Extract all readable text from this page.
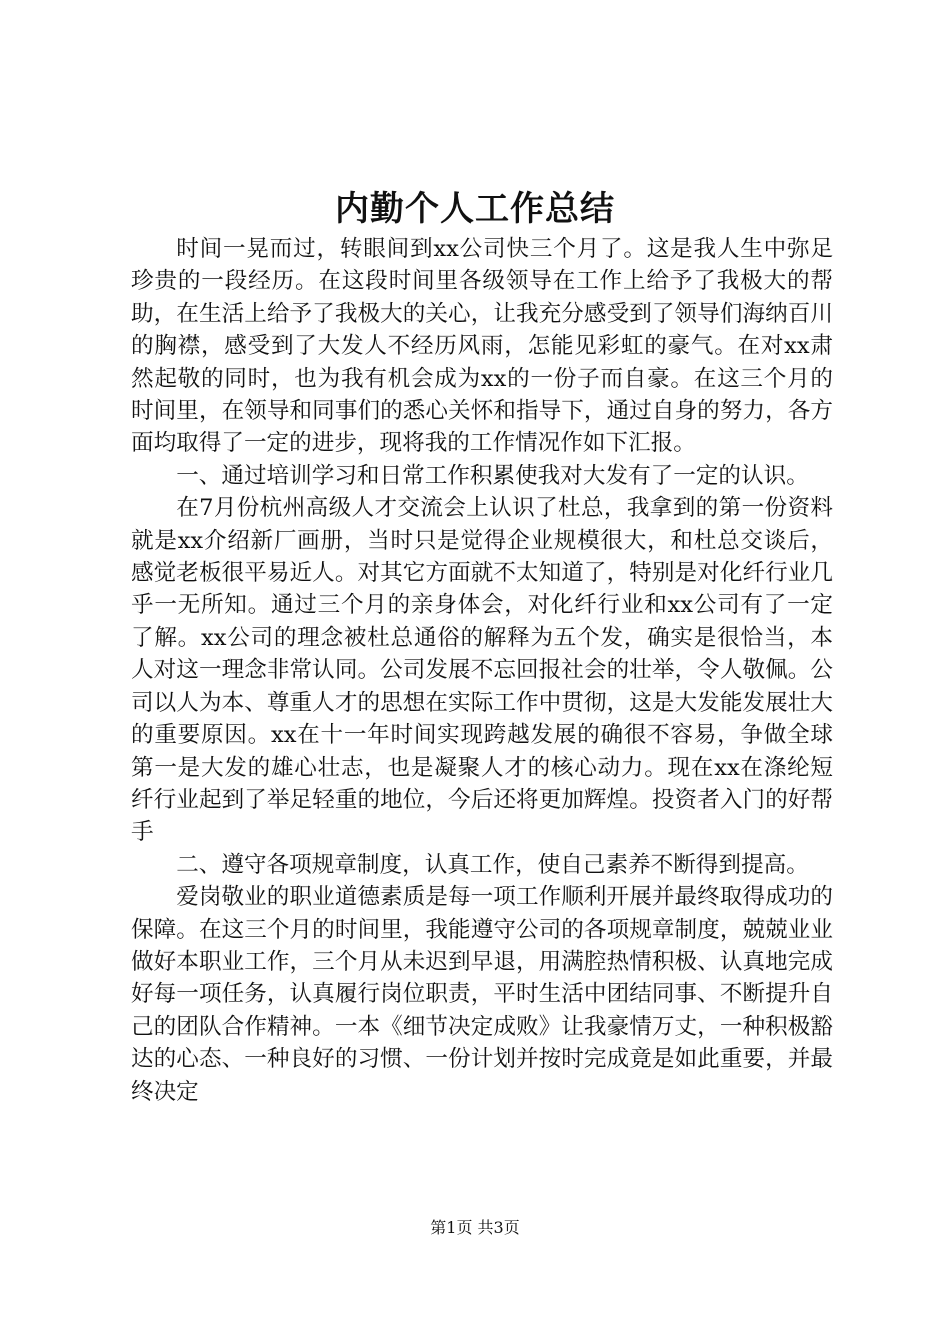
内勤个人工作总结

时间一晃而过，转眼间到xx公司快三个月了。这是我人生中弥足珍贵的一段经历。在这段时间里各级领导在工作上给予了我极大的帮助，在生活上给予了我极大的关心，让我充分感受到了领导们海纳百川的胸襟，感受到了大发人不经历风雨，怎能见彩虹的豪气。在对xx肃然起敬的同时，也为我有机会成为xx的一份子而自豪。在这三个月的时间里，在领导和同事们的悉心关怀和指导下，通过自身的努力，各方面均取得了一定的进步，现将我的工作情况作如下汇报。

一、通过培训学习和日常工作积累使我对大发有了一定的认识。

在7月份杭州高级人才交流会上认识了杜总，我拿到的第一份资料就是xx介绍新厂画册，当时只是觉得企业规模很大，和杜总交谈后，感觉老板很平易近人。对其它方面就不太知道了，特别是对化纤行业几乎一无所知。通过三个月的亲身体会，对化纤行业和xx公司有了一定了解。xx公司的理念被杜总通俗的解释为五个发，确实是很恰当，本人对这一理念非常认同。公司发展不忘回报社会的壮举，令人敬佩。公司以人为本、尊重人才的思想在实际工作中贯彻，这是大发能发展壮大的重要原因。xx在十一年时间实现跨越发展的确很不容易，争做全球第一是大发的雄心壮志，也是凝聚人才的核心动力。现在xx在涤纶短纤行业起到了举足轻重的地位，今后还将更加辉煌。投资者入门的好帮手

二、遵守各项规章制度，认真工作，使自己素养不断得到提高。

爱岗敬业的职业道德素质是每一项工作顺利开展并最终取得成功的保障。在这三个月的时间里，我能遵守公司的各项规章制度，兢兢业业做好本职业工作，三个月从未迟到早退，用满腔热情积极、认真地完成好每一项任务，认真履行岗位职责，平时生活中团结同事、不断提升自己的团队合作精神。一本《细节决定成败》让我豪情万丈，一种积极豁达的心态、一种良好的习惯、一份计划并按时完成竟是如此重要，并最终决定

第1页 共3页
